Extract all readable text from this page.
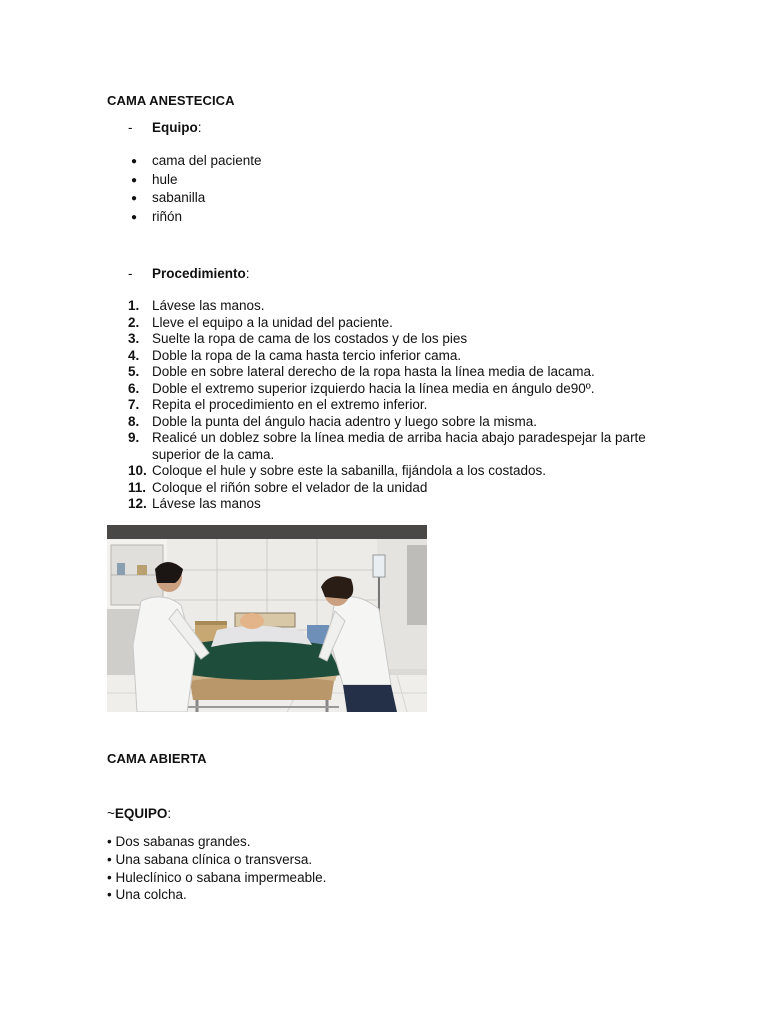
CAMA ANESTECICA
- Equipo:
● cama del paciente
● hule
● sabanilla
● riñón
- Procedimiento:
1. Lávese las manos.
2. Lleve el equipo a la unidad del paciente.
3. Suelte la ropa de cama de los costados y de los pies
4. Doble la ropa de la cama hasta tercio inferior cama.
5. Doble en sobre lateral derecho de la ropa hasta la línea media de lacama.
6. Doble el extremo superior izquierdo hacia la línea media en ángulo de90º.
7. Repita el procedimiento en el extremo inferior.
8. Doble la punta del ángulo hacia adentro y luego sobre la misma.
9. Realicé un doblez sobre la línea media de arriba hacia abajo paradespejar la parte superior de la cama.
10. Coloque el hule y sobre este la sabanilla, fijándola a los costados.
11. Coloque el riñón sobre el velador de la unidad
12. Lávese las manos
CAMA ABIERTA
~EQUIPO:
• Dos sabanas grandes.
• Una sabana clínica o transversa.
• Huleclínico o sabana impermeable.
• Una colcha.
